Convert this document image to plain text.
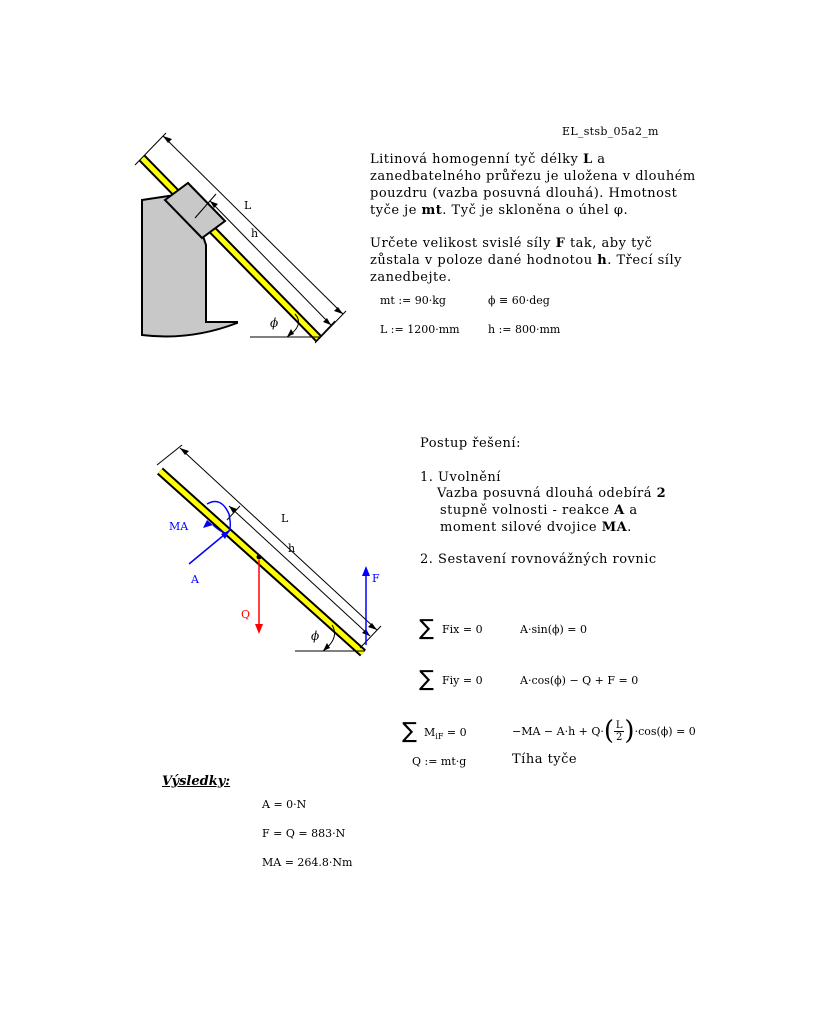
EL_stsb_05a2_m
L
h
ϕ
Litinová homogenní tyč délky L a zanedbatelného průřezu je uložena v dlouhém pouzdru (vazba posuvná dlouhá). Hmotnost tyče je mt. Tyč je skloněna o úhel φ.
Určete velikost svislé síly F tak, aby tyč zůstala v poloze dané hodnotou h. Třecí síly zanedbejte.
mt := 90·kg	ϕ ≡ 60·deg
L := 1200·mm	h := 800·mm
L
h
MA
A
Q
F
ϕ
Postup řešení:
1. Uvolnění
Vazba posuvná dlouhá odebírá 2
stupně volnosti - reakce A a
moment silové dvojice MA.
2. Sestavení rovnovážných rovnic
∑ Fix = 0	A·sin(ϕ) = 0
∑ Fiy = 0	A·cos(ϕ) − Q + F = 0
∑ $M_{iF} = 0$	−MA − A·h + Q· ( L
2 ) ·cos(ϕ) = 0
Q := mt·g	Tíha tyče
Výsledky:
A = 0·N
F = Q = 883·N
MA = 264.8·Nm
